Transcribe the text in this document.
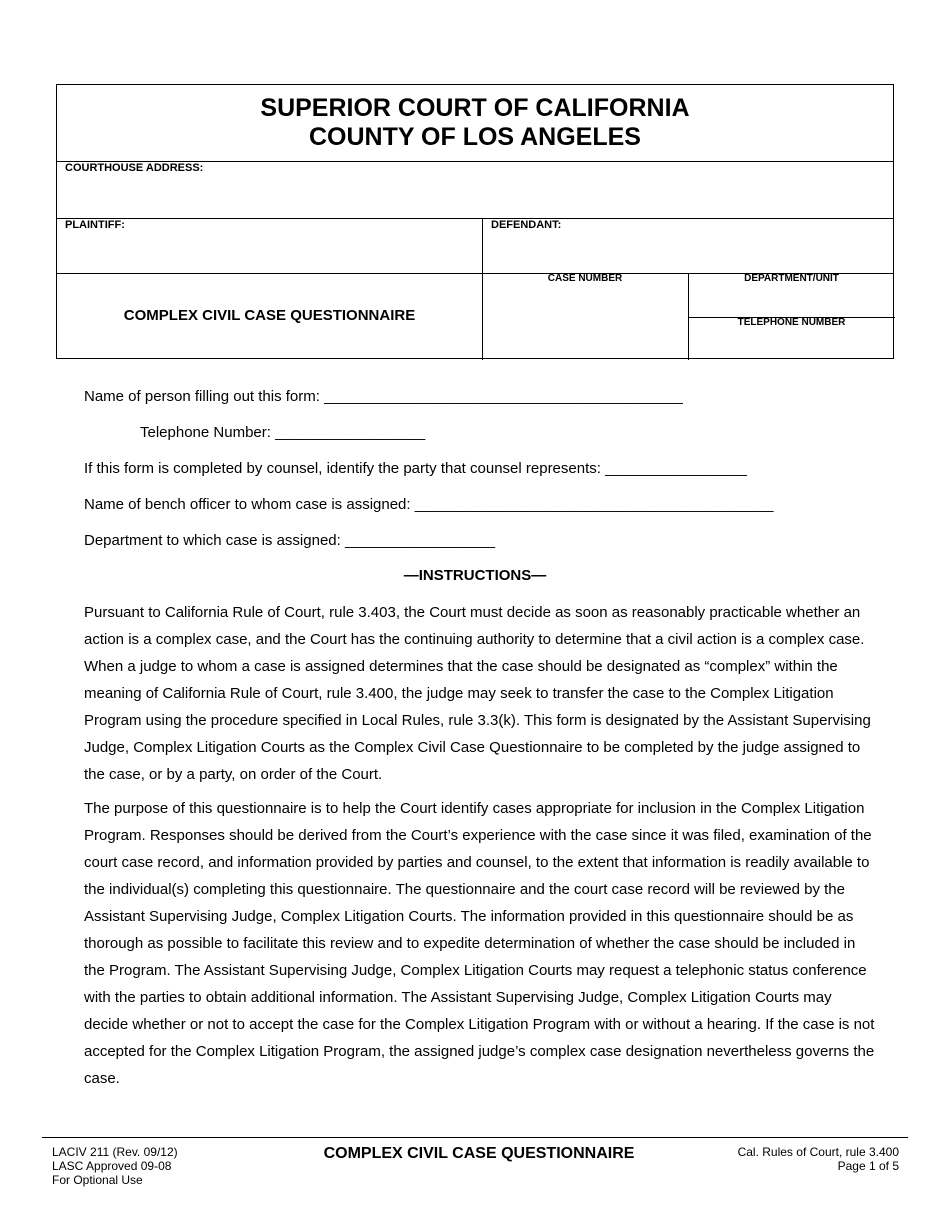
SUPERIOR COURT OF CALIFORNIA
COUNTY OF LOS ANGELES
COURTHOUSE ADDRESS:
PLAINTIFF:	DEFENDANT:
COMPLEX CIVIL CASE QUESTIONNAIRE
CASE NUMBER	DEPARTMENT/UNIT
TELEPHONE NUMBER
Name of person filling out this form: ___________________________________________
Telephone Number: __________________
If this form is completed by counsel, identify the party that counsel represents: _________________
Name of bench officer to whom case is assigned: ___________________________________________
Department to which case is assigned: __________________
—INSTRUCTIONS—

Pursuant to California Rule of Court, rule 3.403, the Court must decide as soon as reasonably practicable whether an action is a complex case, and the Court has the continuing authority to determine that a civil action is a complex case. When a judge to whom a case is assigned determines that the case should be designated as “complex” within the meaning of California Rule of Court, rule 3.400, the judge may seek to transfer the case to the Complex Litigation Program using the procedure specified in Local Rules, rule 3.3(k). This form is designated by the Assistant Supervising Judge, Complex Litigation Courts as the Complex Civil Case Questionnaire to be completed by the judge assigned to the case, or by a party, on order of the Court.

The purpose of this questionnaire is to help the Court identify cases appropriate for inclusion in the Complex Litigation Program. Responses should be derived from the Court’s experience with the case since it was filed, examination of the court case record, and information provided by parties and counsel, to the extent that information is readily available to the individual(s) completing this questionnaire. The questionnaire and the court case record will be reviewed by the Assistant Supervising Judge, Complex Litigation Courts. The information provided in this questionnaire should be as thorough as possible to facilitate this review and to expedite determination of whether the case should be included in the Program. The Assistant Supervising Judge, Complex Litigation Courts may request a telephonic status conference with the parties to obtain additional information. The Assistant Supervising Judge, Complex Litigation Courts may decide whether or not to accept the case for the Complex Litigation Program with or without a hearing. If the case is not accepted for the Complex Litigation Program, the assigned judge’s complex case designation nevertheless governs the case.

LACIV 211 (Rev. 09/12)
LASC Approved 09-08
For Optional Use
COMPLEX CIVIL CASE QUESTIONNAIRE	Cal. Rules of Court, rule 3.400
Page 1 of 5
